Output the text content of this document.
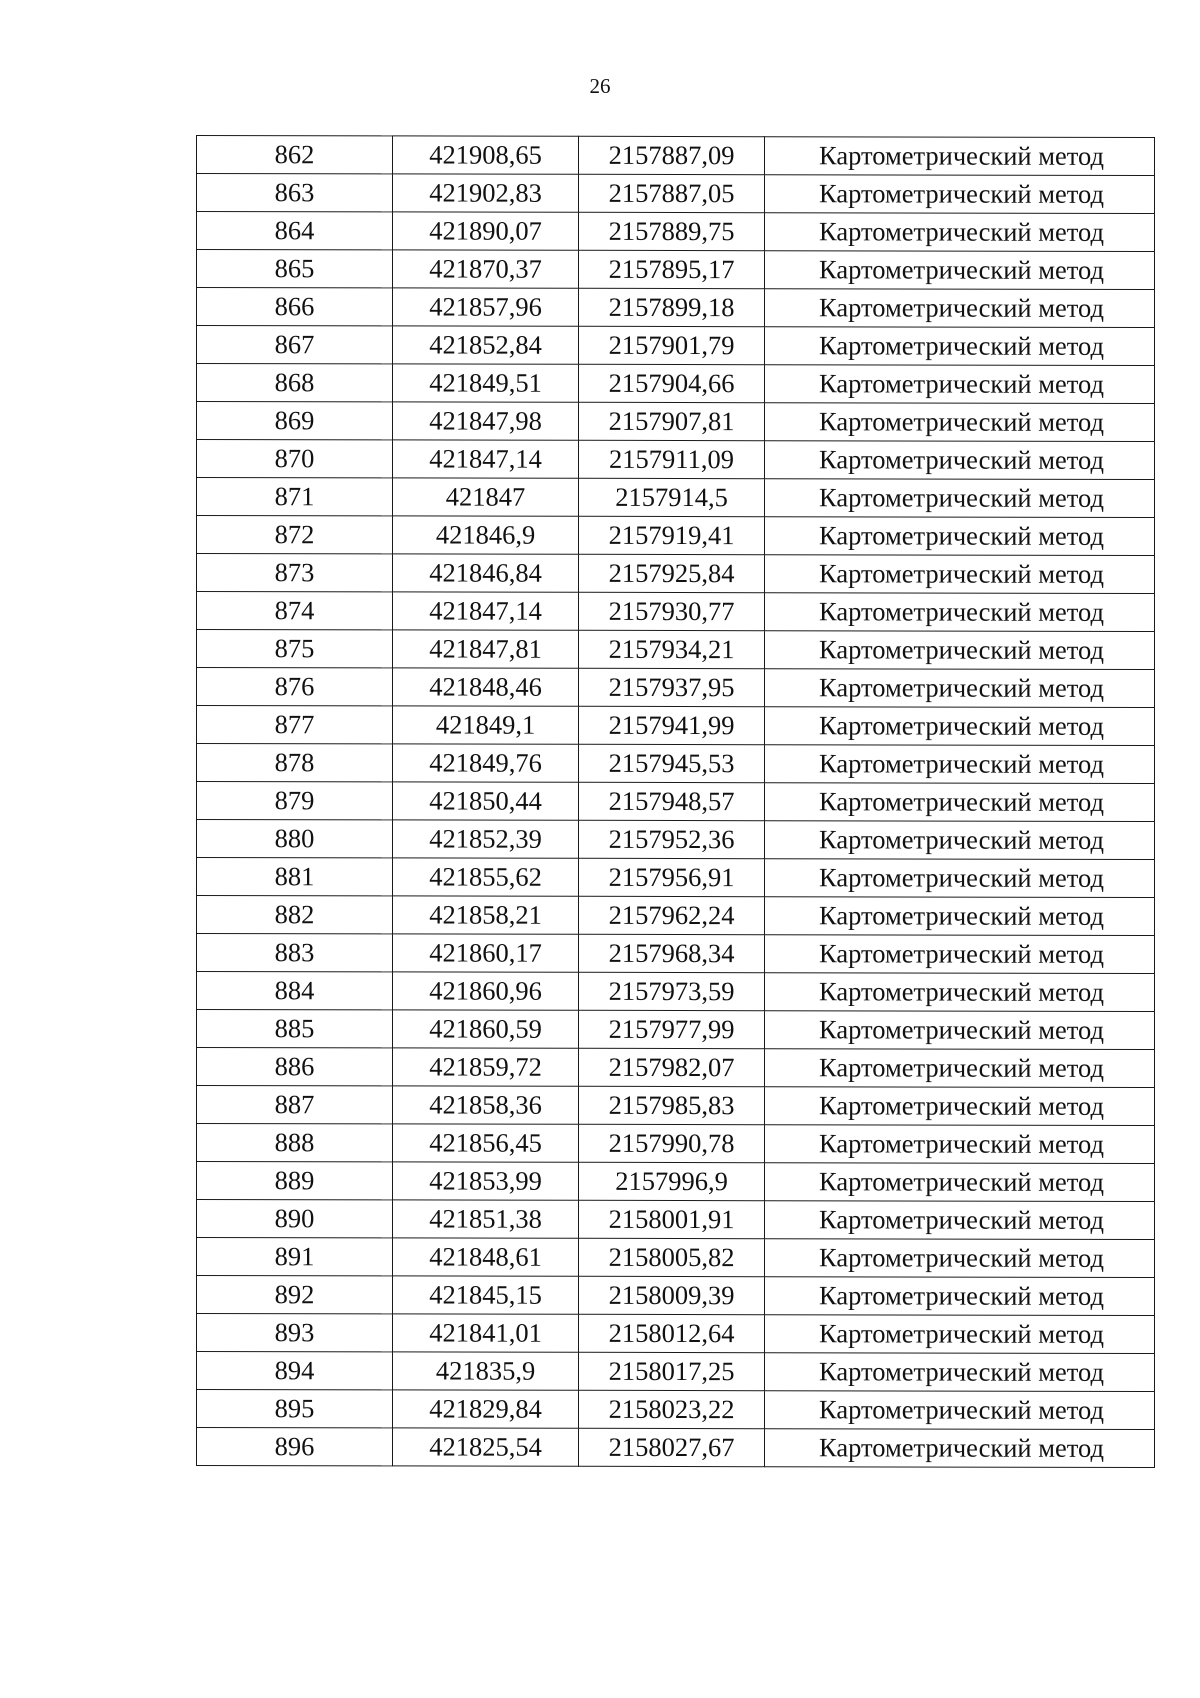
26
862	421908,65	2157887,09	Картометрический метод
863	421902,83	2157887,05	Картометрический метод
864	421890,07	2157889,75	Картометрический метод
865	421870,37	2157895,17	Картометрический метод
866	421857,96	2157899,18	Картометрический метод
867	421852,84	2157901,79	Картометрический метод
868	421849,51	2157904,66	Картометрический метод
869	421847,98	2157907,81	Картометрический метод
870	421847,14	2157911,09	Картометрический метод
871	421847	2157914,5	Картометрический метод
872	421846,9	2157919,41	Картометрический метод
873	421846,84	2157925,84	Картометрический метод
874	421847,14	2157930,77	Картометрический метод
875	421847,81	2157934,21	Картометрический метод
876	421848,46	2157937,95	Картометрический метод
877	421849,1	2157941,99	Картометрический метод
878	421849,76	2157945,53	Картометрический метод
879	421850,44	2157948,57	Картометрический метод
880	421852,39	2157952,36	Картометрический метод
881	421855,62	2157956,91	Картометрический метод
882	421858,21	2157962,24	Картометрический метод
883	421860,17	2157968,34	Картометрический метод
884	421860,96	2157973,59	Картометрический метод
885	421860,59	2157977,99	Картометрический метод
886	421859,72	2157982,07	Картометрический метод
887	421858,36	2157985,83	Картометрический метод
888	421856,45	2157990,78	Картометрический метод
889	421853,99	2157996,9	Картометрический метод
890	421851,38	2158001,91	Картометрический метод
891	421848,61	2158005,82	Картометрический метод
892	421845,15	2158009,39	Картометрический метод
893	421841,01	2158012,64	Картометрический метод
894	421835,9	2158017,25	Картометрический метод
895	421829,84	2158023,22	Картометрический метод
896	421825,54	2158027,67	Картометрический метод
